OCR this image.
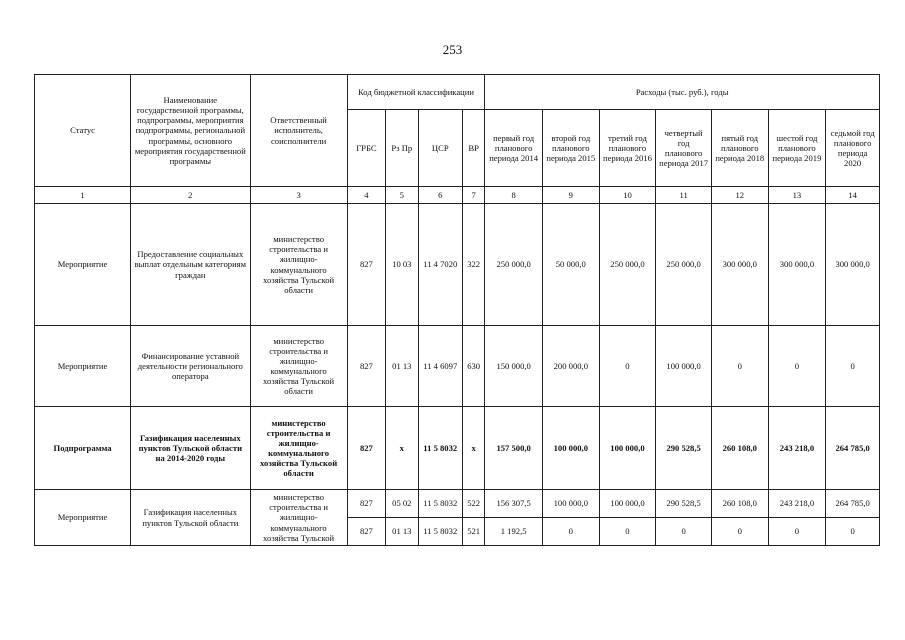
253
Статус	Наименование государственной программы, подпрограммы, мероприятия подпрограммы, региональной программы, основного мероприятия государственной программы	Ответственный исполнитель, соисполнители	Код бюджетной классификации				Расходы (тыс. руб.), годы						
			ГРБС	Рз Пр	ЦСР	ВР	первый год планового периода 2014	второй год планового периода 2015	третий год планового периода 2016	четвертый год планового периода 2017	пятый год планового периода 2018	шестой год планового периода 2019	седьмой год планового периода 2020
1	2	3	4	5	6	7	8	9	10	11	12	13	14
Мероприятие	Предоставление социальных выплат отдельным категориям граждан	министерство строительства и жилищно-коммунального хозяйства Тульской области	827	10 03	11 4 7020	322	250 000,0	50 000,0	250 000,0	250 000,0	300 000,0	300 000,0	300 000,0
Мероприятие	Финансирование уставной деятельности регионального оператора	министерство строительства и жилищно-коммунального хозяйства Тульской области	827	01 13	11 4 6097	630	150 000,0	200 000,0	0	100 000,0	0	0	0
Подпрограмма	Газификация населенных пунктов Тульской области на 2014-2020 годы	министерство строительства и жилищно-коммунального хозяйства Тульской области	827	х	11 5 8032	х	157 500,0	100 000,0	100 000,0	290 528,5	260 108,0	243 218,0	264 785,0
Мероприятие	Газификация населенных пунктов Тульской области	министерство строительства и жилищно-коммунального хозяйства Тульской	827	05 02	11 5 8032	522	156 307,5	100 000,0	100 000,0	290 528,5	260 108,0	243 218,0	264 785,0
			827	01 13	11 5 8032	521	1 192,5	0	0	0	0	0	0
